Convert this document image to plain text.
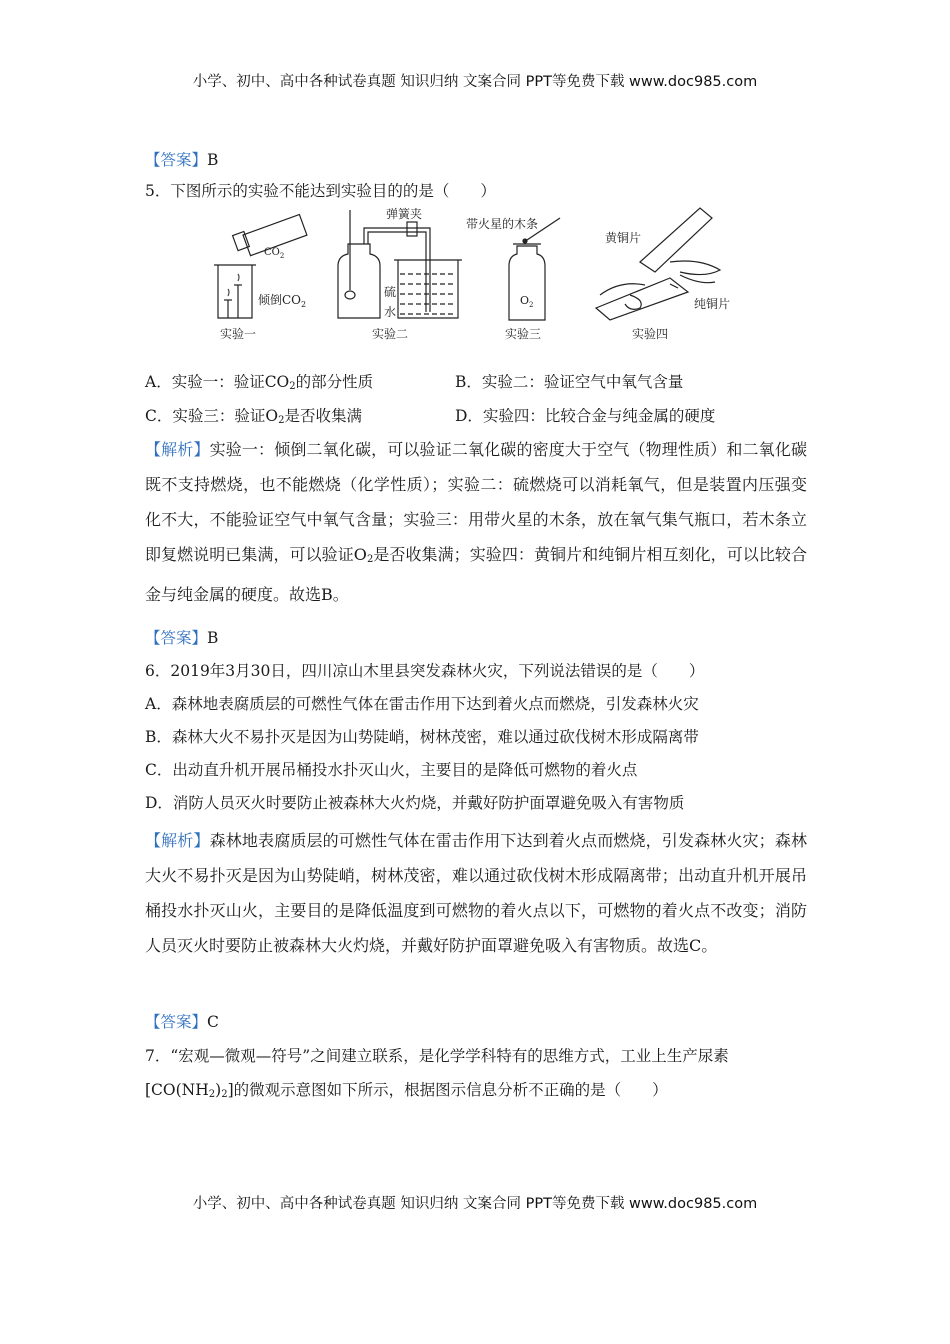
小学、初中、高中各种试卷真题 知识归纳 文案合同 PPT等免费下载 www.doc985.com
小学、初中、高中各种试卷真题 知识归纳 文案合同 PPT等免费下载 www.doc985.com
【答案】B
5．下图所示的实验不能达到实验目的的是（　　）
$CO_2$
倾倒$CO_2$
实验一
弹簧夹
硫
水
实验二
带火星的木条
$O_2$
实验三
黄铜片
纯铜片
实验四
A．实验一：验证$CO_2$的部分性质	B．实验二：验证空气中氧气含量
C．实验三：验证$O_2$是否收集满	D．实验四：比较合金与纯金属的硬度
【解析】实验一：倾倒二氧化碳，可以验证二氧化碳的密度大于空气（物理性质）和二氧化碳既不支持燃烧，也不能燃烧（化学性质）；实验二：硫燃烧可以消耗氧气，但是装置内压强变化不大，不能验证空气中氧气含量；实验三：用带火星的木条，放在氧气集气瓶口，若木条立即复燃说明已集满，可以验证$O_2$是否收集满；实验四：黄铜片和纯铜片相互刻化，可以比较合金与纯金属的硬度。故选B。
【答案】B
6．2019年3月30日，四川凉山木里县突发森林火灾，下列说法错误的是（　　）
A．森林地表腐质层的可燃性气体在雷击作用下达到着火点而燃烧，引发森林火灾
B．森林大火不易扑灭是因为山势陡峭，树林茂密，难以通过砍伐树木形成隔离带
C．出动直升机开展吊桶投水扑灭山火，主要目的是降低可燃物的着火点
D．消防人员灭火时要防止被森林大火灼烧，并戴好防护面罩避免吸入有害物质
【解析】森林地表腐质层的可燃性气体在雷击作用下达到着火点而燃烧，引发森林火灾；森林大火不易扑灭是因为山势陡峭，树林茂密，难以通过砍伐树木形成隔离带；出动直升机开展吊桶投水扑灭山火，主要目的是降低温度到可燃物的着火点以下，可燃物的着火点不改变；消防人员灭火时要防止被森林大火灼烧，并戴好防护面罩避免吸入有害物质。故选C。
【答案】C
7．“宏观—微观—符号”之间建立联系，是化学学科特有的思维方式，工业上生产尿素
$[CO(NH_2)_2]$的微观示意图如下所示，根据图示信息分析不正确的是（　　）
